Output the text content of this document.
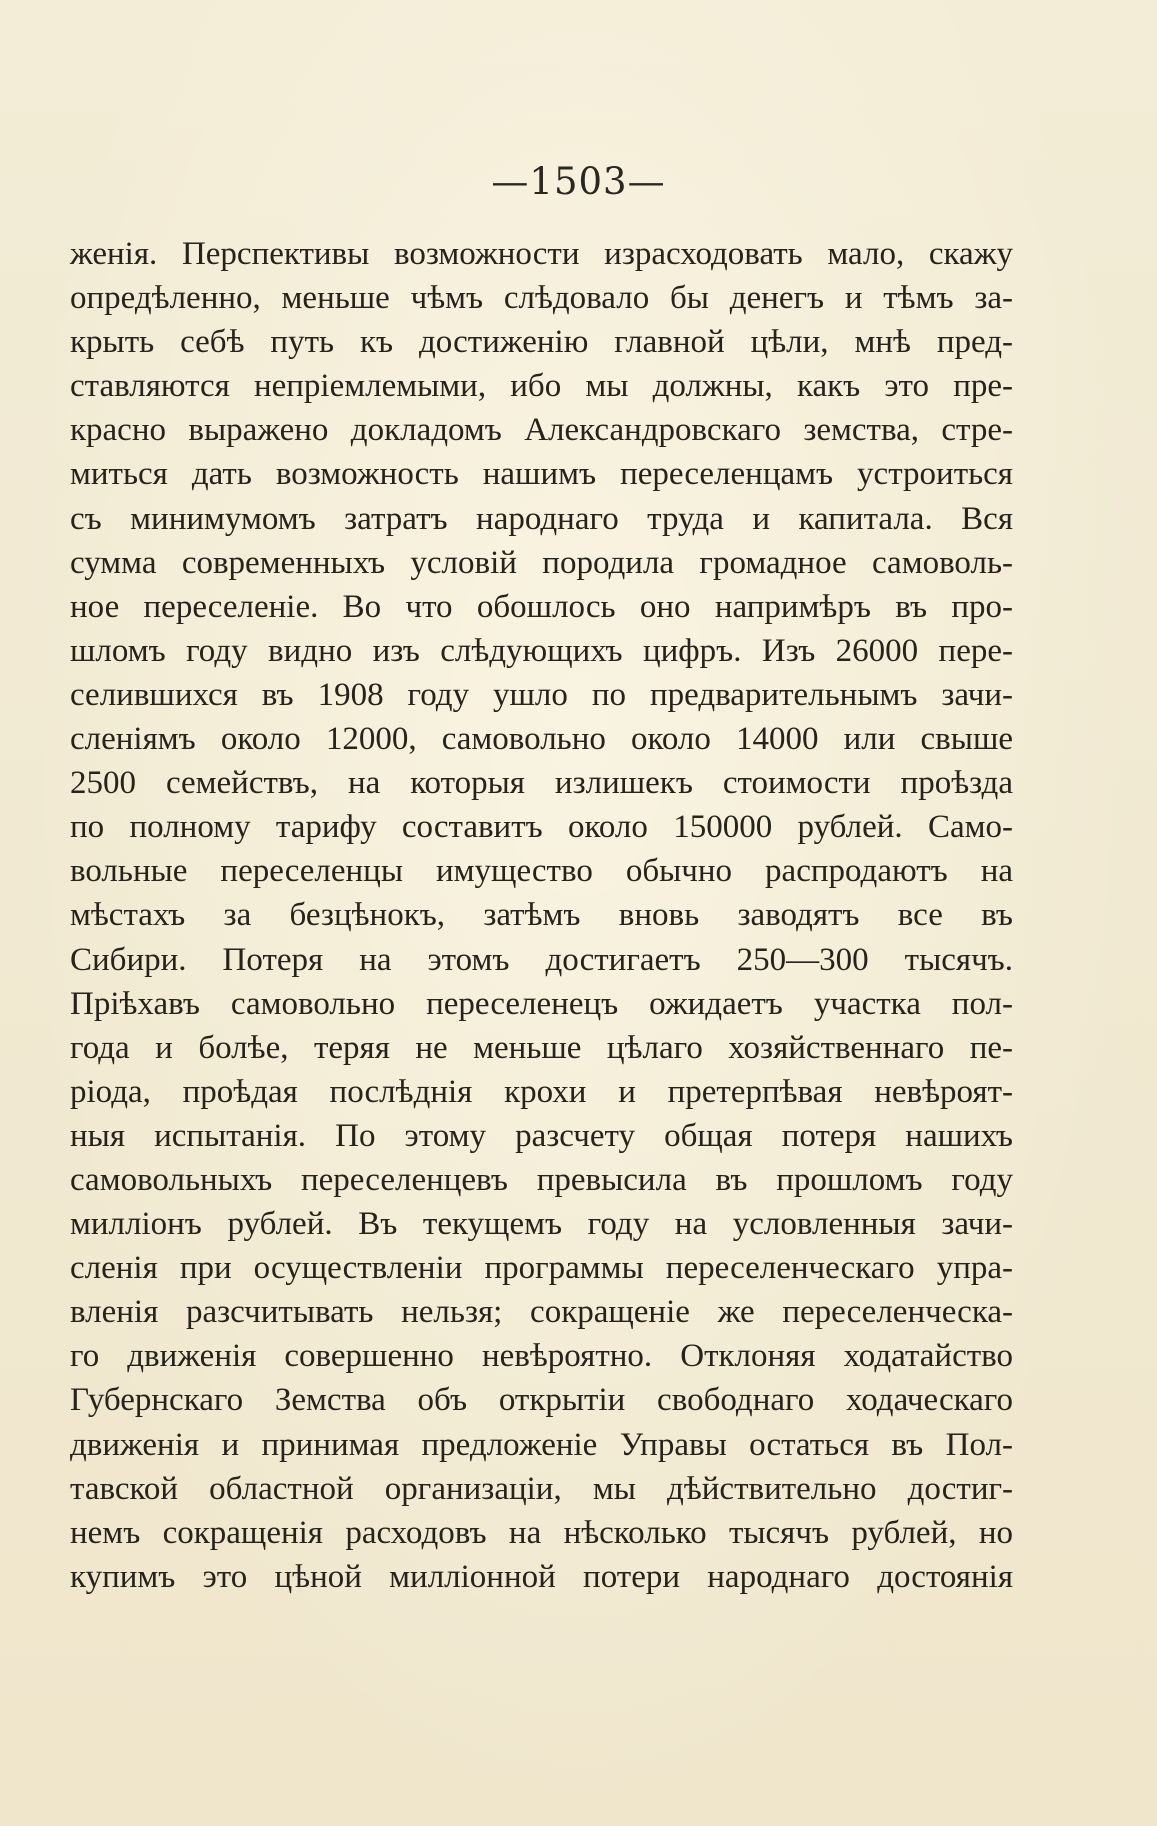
—1503—
женія. Перспективы возможности израсходовать мало, скажу
опредѣленно, меньше чѣмъ слѣдовало бы денегъ и тѣмъ за-
крыть себѣ путь къ достиженію главной цѣли, мнѣ пред-
ставляются непріемлемыми, ибо мы должны, какъ это пре-
красно выражено докладомъ Александровскаго земства, стре-
миться дать возможность нашимъ переселенцамъ устроиться
съ минимумомъ затратъ народнаго труда и капитала. Вся
сумма современныхъ условій породила громадное самоволь-
ное переселеніе. Во что обошлось оно напримѣръ въ про-
шломъ году видно изъ слѣдующихъ цифръ. Изъ 26000 пере-
селившихся въ 1908 году ушло по предварительнымъ зачи-
сленіямъ около 12000, самовольно около 14000 или свыше
2500 семействъ, на которыя излишекъ стоимости проѣзда
по полному тарифу составитъ около 150000 рублей. Само-
вольные переселенцы имущество обычно распродаютъ на
мѣстахъ за безцѣнокъ, затѣмъ вновь заводятъ все въ
Сибири. Потеря на этомъ достигаетъ 250—300 тысячъ.
Пріѣхавъ самовольно переселенецъ ожидаетъ участка пол-
года и болѣе, теряя не меньше цѣлаго хозяйственнаго пе-
ріода, проѣдая послѣднія крохи и претерпѣвая невѣроят-
ныя испытанія. По этому разсчету общая потеря нашихъ
самовольныхъ переселенцевъ превысила въ прошломъ году
милліонъ рублей. Въ текущемъ году на условленныя зачи-
сленія при осуществленіи программы переселенческаго упра-
вленія разсчитывать нельзя; сокращеніе же переселенческа-
го движенія совершенно невѣроятно. Отклоняя ходатайство
Губернскаго Земства объ открытіи свободнаго ходаческаго
движенія и принимая предложеніе Управы остаться въ Пол-
тавской областной организаціи, мы дѣйствительно достиг-
немъ сокращенія расходовъ на нѣсколько тысячъ рублей, но
купимъ это цѣной милліонной потери народнаго достоянія
